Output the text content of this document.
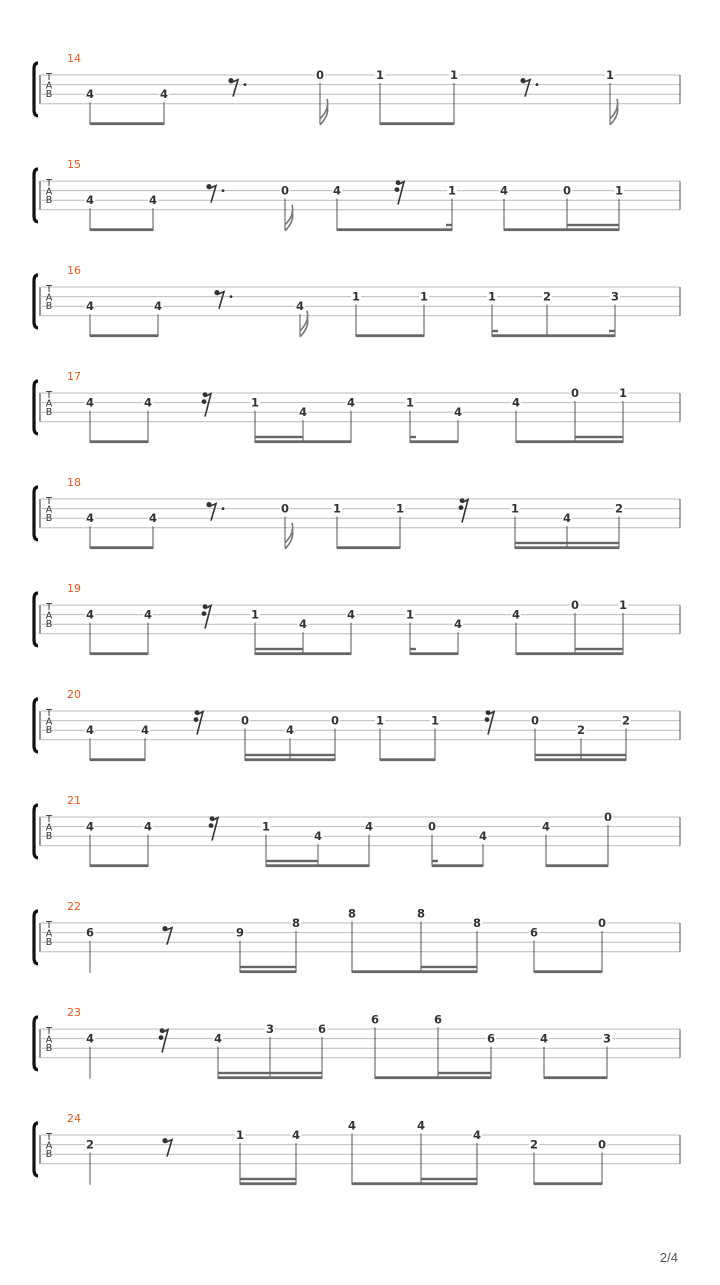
T
A
B
14
4	4
0	1	1	1
T
A
B
15
4	4
0	4	1	4	0	1
T
A
B
16
4	4	4
1	1	1	2	3
T
A
B
17
4	4	1
4
4	1
4
4
0	1
T
A
B
18
4	4
0	1	1	1
4
2
T
A
B
19
4	4	1
4
4	1
4
4
0	1
T
A
B
20
4	4
0
4
0	1	1	0
2
2
T
A
B
21
4	4	1
4
4	0
4
4
0
T
A
B
22
6	9
8
8	8
8
6
0
T
A
B
23
4	4
3	6
6	6
6	4	3
T
A
B
24
2
1	4
4	4
4
2	0
2/4
